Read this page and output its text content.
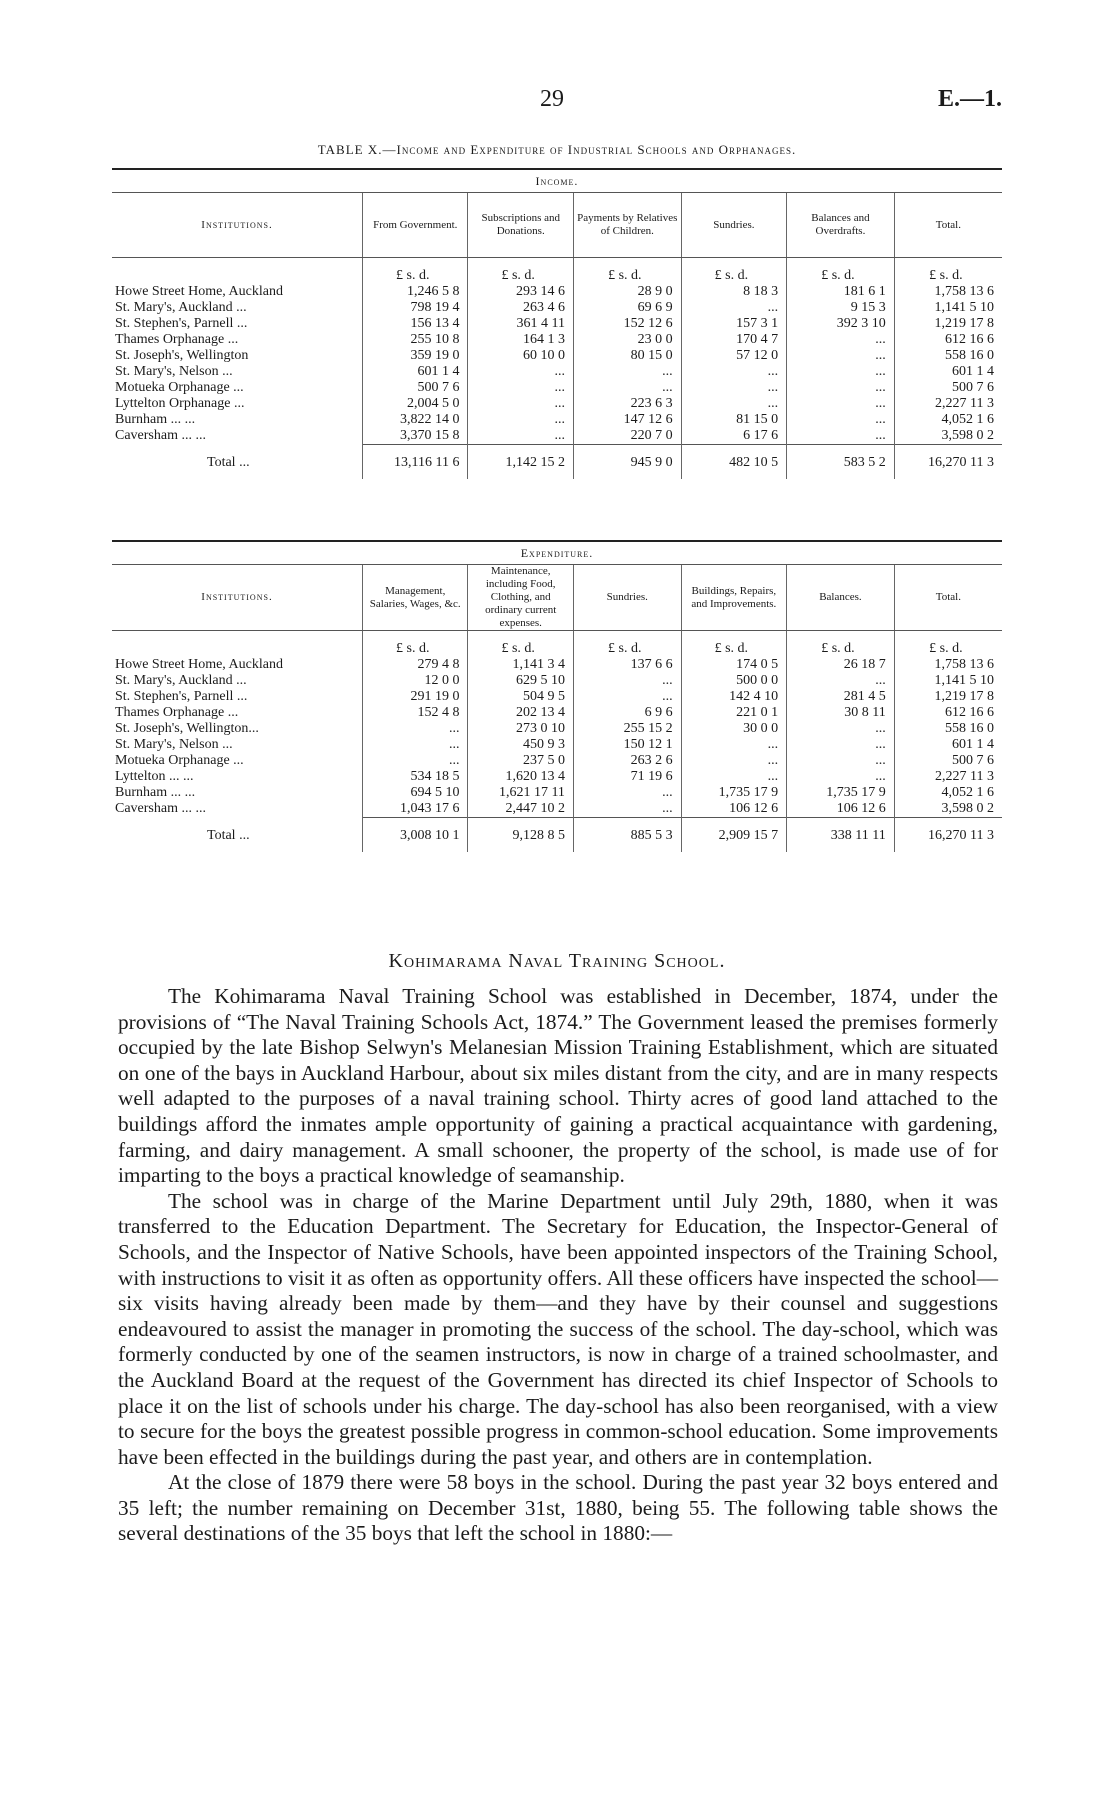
29	E.—1.
TABLE X.—Income and Expenditure of Industrial Schools and Orphanages.
Income.						
Institutions.	From Government.	Subscriptions and Donations.	Payments by Relatives of Children.	Sundries.	Balances and Overdrafts.	Total.
	£ s. d.	£ s. d.	£ s. d.	£ s. d.	£ s. d.	£ s. d.
Howe Street Home, Auckland	1,246 5 8	293 14 6	28 9 0	8 18 3	181 6 1	1,758 13 6
St. Mary's, Auckland ...	798 19 4	263 4 6	69 6 9	...	9 15 3	1,141 5 10
St. Stephen's, Parnell ...	156 13 4	361 4 11	152 12 6	157 3 1	392 3 10	1,219 17 8
Thames Orphanage ...	255 10 8	164 1 3	23 0 0	170 4 7	...	612 16 6
St. Joseph's, Wellington	359 19 0	60 10 0	80 15 0	57 12 0	...	558 16 0
St. Mary's, Nelson ...	601 1 4	...	...	...	...	601 1 4
Motueka Orphanage ...	500 7 6	...	...	...	...	500 7 6
Lyttelton Orphanage ...	2,004 5 0	...	223 6 3	...	...	2,227 11 3
Burnham ... ...	3,822 14 0	...	147 12 6	81 15 0	...	4,052 1 6
Caversham ... ...	3,370 15 8	...	220 7 0	6 17 6	...	3,598 0 2
Total ...	13,116 11 6	1,142 15 2	945 9 0	482 10 5	583 5 2	16,270 11 3
Expenditure.						
Institutions.	Management, Salaries, Wages, &c.	Maintenance, including Food, Clothing, and ordinary current expenses.	Sundries.	Buildings, Repairs, and Improvements.	Balances.	Total.
	£ s. d.	£ s. d.	£ s. d.	£ s. d.	£ s. d.	£ s. d.
Howe Street Home, Auckland	279 4 8	1,141 3 4	137 6 6	174 0 5	26 18 7	1,758 13 6
St. Mary's, Auckland ...	12 0 0	629 5 10	...	500 0 0	...	1,141 5 10
St. Stephen's, Parnell ...	291 19 0	504 9 5	...	142 4 10	281 4 5	1,219 17 8
Thames Orphanage ...	152 4 8	202 13 4	6 9 6	221 0 1	30 8 11	612 16 6
St. Joseph's, Wellington...	...	273 0 10	255 15 2	30 0 0	...	558 16 0
St. Mary's, Nelson ...	...	450 9 3	150 12 1	...	...	601 1 4
Motueka Orphanage ...	...	237 5 0	263 2 6	...	...	500 7 6
Lyttelton ... ...	534 18 5	1,620 13 4	71 19 6	...	...	2,227 11 3
Burnham ... ...	694 5 10	1,621 17 11	...	1,735 17 9	1,735 17 9	4,052 1 6
Caversham ... ...	1,043 17 6	2,447 10 2	...	106 12 6	106 12 6	3,598 0 2
Total ...	3,008 10 1	9,128 8 5	885 5 3	2,909 15 7	338 11 11	16,270 11 3
Kohimarama Naval Training School.

The Kohimarama Naval Training School was established in December, 1874, under the provisions of “The Naval Training Schools Act, 1874.” The Government leased the premises formerly occupied by the late Bishop Selwyn's Melanesian Mission Training Establishment, which are situated on one of the bays in Auckland Harbour, about six miles distant from the city, and are in many respects well adapted to the purposes of a naval training school. Thirty acres of good land attached to the buildings afford the inmates ample opportunity of gaining a practical acquaintance with gardening, farming, and dairy management. A small schooner, the property of the school, is made use of for imparting to the boys a practical knowledge of seamanship.

The school was in charge of the Marine Department until July 29th, 1880, when it was transferred to the Education Department. The Secretary for Education, the Inspector-General of Schools, and the Inspector of Native Schools, have been appointed inspectors of the Training School, with instructions to visit it as often as opportunity offers. All these officers have inspected the school—six visits having already been made by them—and they have by their counsel and suggestions endeavoured to assist the manager in promoting the success of the school. The day-school, which was formerly conducted by one of the seamen instructors, is now in charge of a trained schoolmaster, and the Auckland Board at the request of the Government has directed its chief Inspector of Schools to place it on the list of schools under his charge. The day-school has also been reorganised, with a view to secure for the boys the greatest possible progress in common-school education. Some improvements have been effected in the buildings during the past year, and others are in contemplation.

At the close of 1879 there were 58 boys in the school. During the past year 32 boys entered and 35 left; the number remaining on December 31st, 1880, being 55. The following table shows the several destinations of the 35 boys that left the school in 1880:—
